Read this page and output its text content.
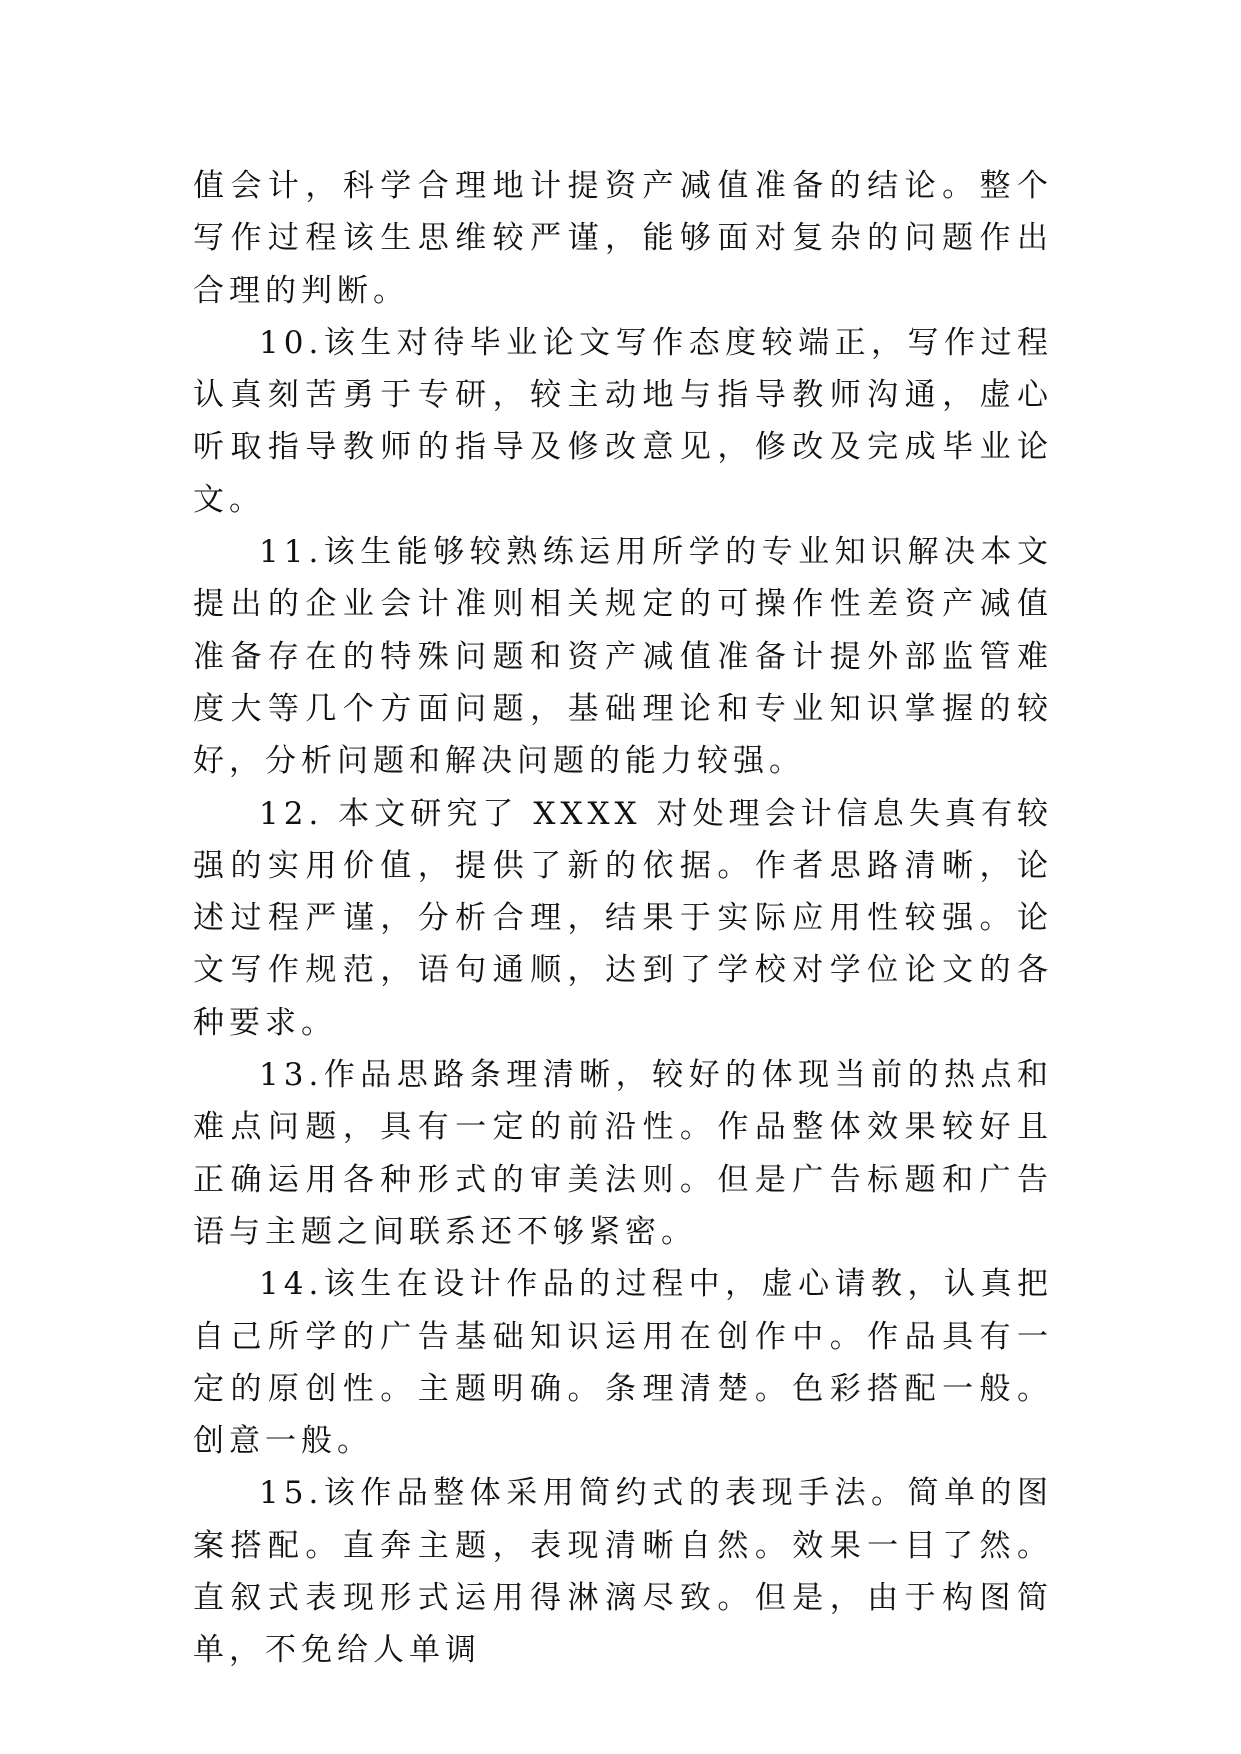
值会计，科学合理地计提资产减值准备的结论。整个写作过程该生思维较严谨，能够面对复杂的问题作出合理的判断。

10.该生对待毕业论文写作态度较端正，写作过程认真刻苦勇于专研，较主动地与指导教师沟通，虚心听取指导教师的指导及修改意见，修改及完成毕业论文。

11.该生能够较熟练运用所学的专业知识解决本文提出的企业会计准则相关规定的可操作性差资产减值准备存在的特殊问题和资产减值准备计提外部监管难度大等几个方面问题，基础理论和专业知识掌握的较好，分析问题和解决问题的能力较强。

12. 本文研究了 XXXX 对处理会计信息失真有较强的实用价值，提供了新的依据。作者思路清晰，论述过程严谨，分析合理，结果于实际应用性较强。论文写作规范，语句通顺，达到了学校对学位论文的各种要求。

13.作品思路条理清晰，较好的体现当前的热点和难点问题，具有一定的前沿性。作品整体效果较好且正确运用各种形式的审美法则。但是广告标题和广告语与主题之间联系还不够紧密。

14.该生在设计作品的过程中，虚心请教，认真把自己所学的广告基础知识运用在创作中。作品具有一定的原创性。主题明确。条理清楚。色彩搭配一般。创意一般。

15.该作品整体采用简约式的表现手法。简单的图案搭配。直奔主题，表现清晰自然。效果一目了然。直叙式表现形式运用得淋漓尽致。但是，由于构图简单，不免给人单调
